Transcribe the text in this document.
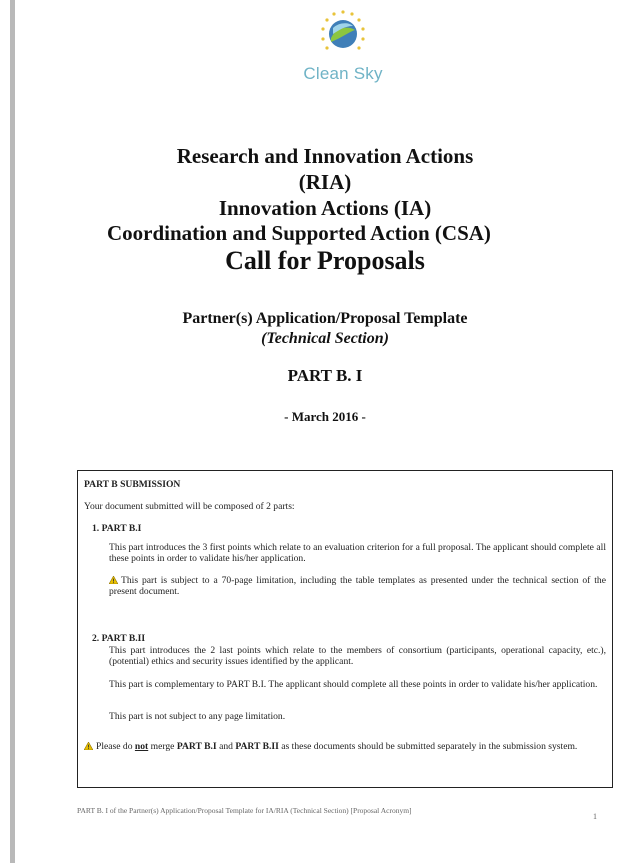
Clean Sky
Research and Innovation Actions
(RIA)
Innovation Actions (IA)
Coordination and Supported Action (CSA)
Call for Proposals
Partner(s) Application/Proposal Template
(Technical Section)
PART B. I
- March 2016 -
PART B SUBMISSION
Your document submitted will be composed of 2 parts:
1. PART B.I
This part introduces the 3 first points which relate to an evaluation criterion for a full proposal. The applicant should complete all these points in order to validate his/her application.
This part is subject to a 70-page limitation, including the table templates as presented under the technical section of the present document.
2. PART B.II
This part introduces the 2 last points which relate to the members of consortium (participants, operational capacity, etc.), (potential) ethics and security issues identified by the applicant.
This part is complementary to PART B.I. The applicant should complete all these points in order to validate his/her application.
This part is not subject to any page limitation.
Please do not merge PART B.I and PART B.II as these documents should be submitted separately in the submission system.
PART B. I of the Partner(s) Application/Proposal Template for IA/RIA (Technical Section) [Proposal Acronym]
1
